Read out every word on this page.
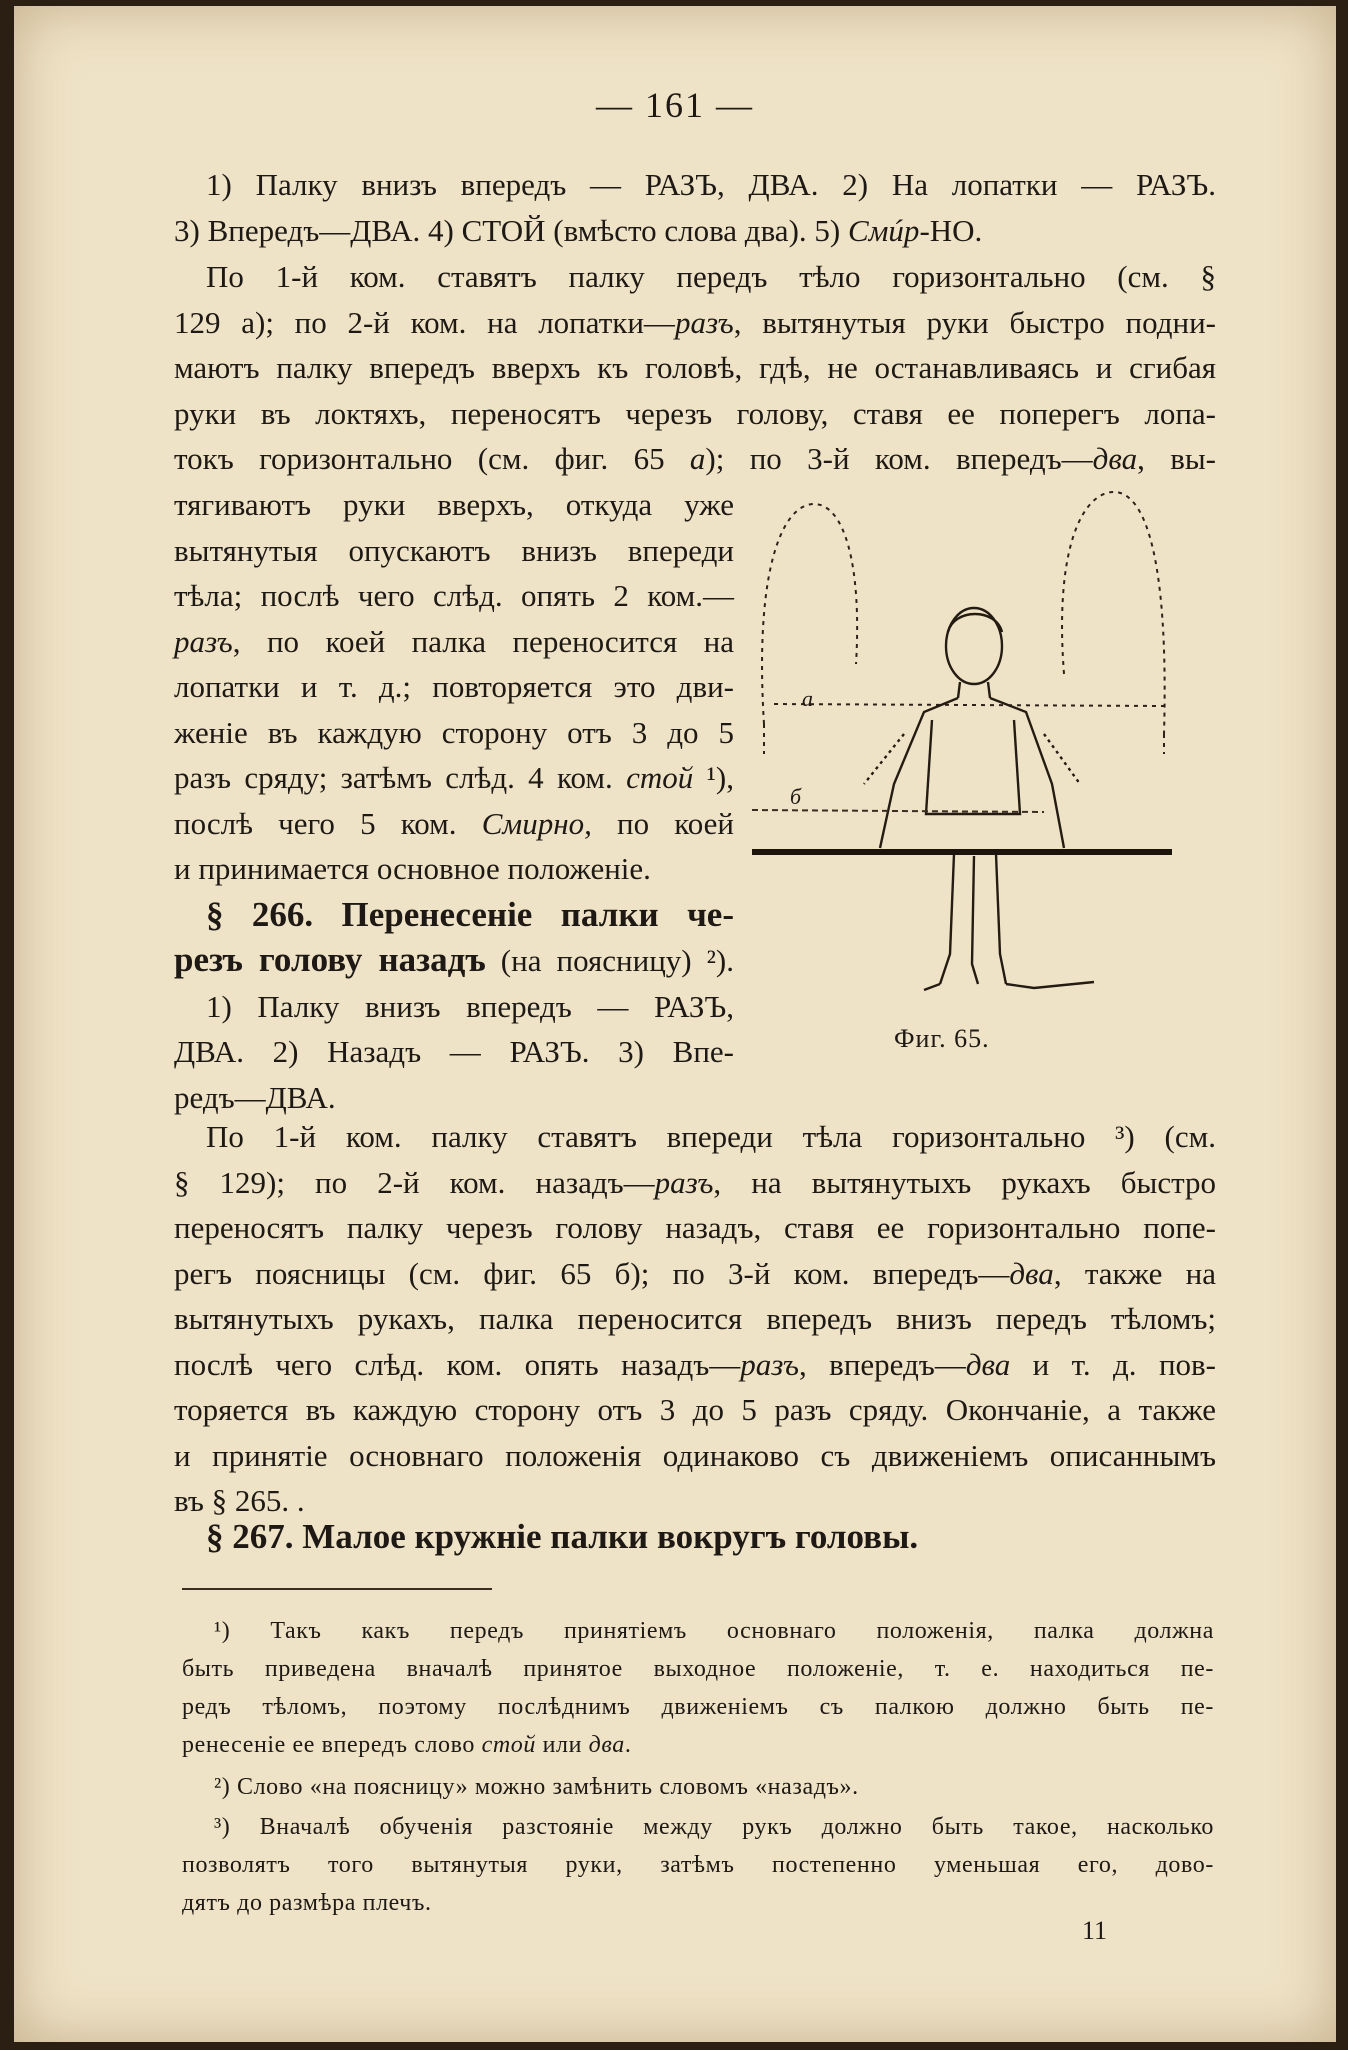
— 161 —
1) Палку внизъ впередъ — РАЗЪ, ДВА. 2) На лопатки — РАЗЪ.
3) Впередъ—ДВА. 4) СТОЙ (вмѣсто слова два). 5) Смúр-НО.
По 1-й ком. ставятъ палку передъ тѣло горизонтально (см. §
129 а); по 2-й ком. на лопатки—разъ, вытянутыя руки быстро подни-
маютъ палку впередъ вверхъ къ головѣ, гдѣ, не останавливаясь и сгибая
руки въ локтяхъ, переносятъ черезъ голову, ставя ее поперегъ лопа-
токъ горизонтально (см. фиг. 65 а); по 3-й ком. впередъ—два, вы-
тягиваютъ руки вверхъ, откуда уже
вытянутыя опускаютъ внизъ впереди
тѣла; послѣ чего слѣд. опять 2 ком.—
разъ, по коей палка переносится на
лопатки и т. д.; повторяется это дви-
женіе въ каждую сторону отъ 3 до 5
разъ сряду; затѣмъ слѣд. 4 ком. стой ¹),
послѣ чего 5 ком. Смирно, по коей
и принимается основное положеніе.
§ 266. Перенесеніе палки че-
резъ голову назадъ (на поясницу) ²).
1) Палку внизъ впередъ — РАЗЪ,
ДВА. 2) Назадъ — РАЗЪ. 3) Впе-
редъ—ДВА.
а
б
Фиг. 65.
По 1-й ком. палку ставятъ впереди тѣла горизонтально ³) (см.
§ 129); по 2-й ком. назадъ—разъ, на вытянутыхъ рукахъ быстро
переносятъ палку черезъ голову назадъ, ставя ее горизонтально попе-
регъ поясницы (см. фиг. 65 б); по 3-й ком. впередъ—два, также на
вытянутыхъ рукахъ, палка переносится впередъ внизъ передъ тѣломъ;
послѣ чего слѣд. ком. опять назадъ—разъ, впередъ—два и т. д. пов-
торяется въ каждую сторону отъ 3 до 5 разъ сряду. Окончаніе, а также
и принятіе основнаго положенія одинаково съ движеніемъ описаннымъ
въ § 265. .
§ 267. Малое кружніе палки вокругъ головы.
¹) Такъ какъ передъ принятіемъ основнаго положенія, палка должна
быть приведена вначалѣ принятое выходное положеніе, т. е. находиться пе-
редъ тѣломъ, поэтому послѣднимъ движеніемъ съ палкою должно быть пе-
ренесеніе ее впередъ слово стой или два.
²) Слово «на поясницу» можно замѣнить словомъ «назадъ».
³) Вначалѣ обученія разстояніе между рукъ должно быть такое, насколько
позволятъ того вытянутыя руки, затѣмъ постепенно уменьшая его, дово-
дятъ до размѣра плечъ.
11
